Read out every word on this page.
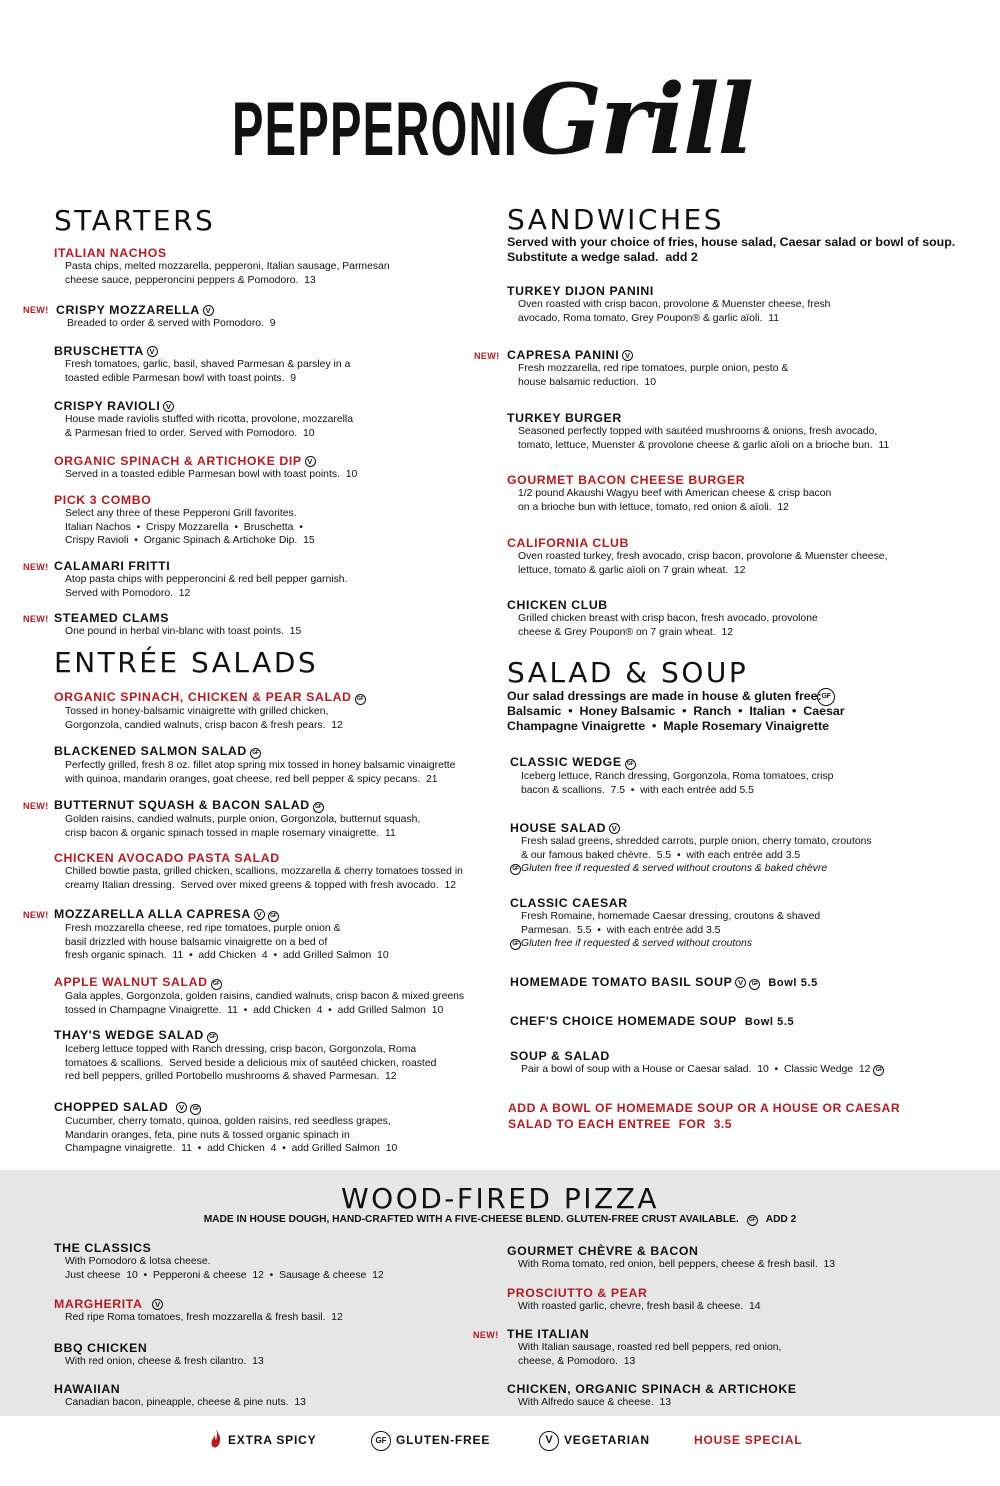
PEPPERONI Grill
STARTERS
ITALIAN NACHOS
Pasta chips, melted mozzarella, pepperoni, Italian sausage, Parmesan
cheese sauce, pepperoncini peppers & Pomodoro.  13
NEW! CRISPY MOZZARELLA V
Breaded to order & served with Pomodoro.  9
BRUSCHETTA V
Fresh tomatoes, garlic, basil, shaved Parmesan & parsley in a
toasted edible Parmesan bowl with toast points.  9
CRISPY RAVIOLI V
House made raviolis stuffed with ricotta, provolone, mozzarella
& Parmesan fried to order. Served with Pomodoro.  10
ORGANIC SPINACH & ARTICHOKE DIP V
Served in a toasted edible Parmesan bowl with toast points.  10
PICK 3 COMBO
Select any three of these Pepperoni Grill favorites.
Italian Nachos  •  Crispy Mozzarella  •  Bruschetta  •
Crispy Ravioli  •  Organic Spinach & Artichoke Dip.  15
NEW! CALAMARI FRITTI
Atop pasta chips with pepperoncini & red bell pepper garnish.
Served with Pomodoro.  12
NEW! STEAMED CLAMS
One pound in herbal vin-blanc with toast points.  15
ENTRÉE SALADS
ORGANIC SPINACH, CHICKEN & PEAR SALAD GF
Tossed in honey-balsamic vinaigrette with grilled chicken,
Gorgonzola, candied walnuts, crisp bacon & fresh pears.  12
BLACKENED SALMON SALAD GF
Perfectly grilled, fresh 8 oz. fillet atop spring mix tossed in honey balsamic vinaigrette
with quinoa, mandarin oranges, goat cheese, red bell pepper & spicy pecans.  21
NEW! BUTTERNUT SQUASH & BACON SALAD GF
Golden raisins, candied walnuts, purple onion, Gorgonzola, butternut squash,
crisp bacon & organic spinach tossed in maple rosemary vinaigrette.  11
CHICKEN AVOCADO PASTA SALAD
Chilled bowtie pasta, grilled chicken, scallions, mozzarella & cherry tomatoes tossed in
creamy Italian dressing.  Served over mixed greens & topped with fresh avocado.  12
NEW! MOZZARELLA ALLA CAPRESA V GF
Fresh mozzarella cheese, red ripe tomatoes, purple onion &
basil drizzled with house balsamic vinaigrette on a bed of
fresh organic spinach.  11  •  add Chicken  4  •  add Grilled Salmon  10
APPLE WALNUT SALAD GF
Gala apples, Gorgonzola, golden raisins, candied walnuts, crisp bacon & mixed greens
tossed in Champagne Vinaigrette.  11  •  add Chicken  4  •  add Grilled Salmon  10
THAY'S WEDGE SALAD GF
Iceberg lettuce topped with Ranch dressing, crisp bacon, Gorgonzola, Roma
tomatoes & scallions.  Served beside a delicious mix of sautéed chicken, roasted
red bell peppers, grilled Portobello mushrooms & shaved Parmesan.  12
CHOPPED SALAD V GF
Cucumber, cherry tomato, quinoa, golden raisins, red seedless grapes,
Mandarin oranges, feta, pine nuts & tossed organic spinach in
Champagne vinaigrette.  11  •  add Chicken  4  •  add Grilled Salmon  10
SANDWICHES
Served with your choice of fries, house salad, Caesar salad or bowl of soup.
Substitute a wedge salad.  add 2
TURKEY DIJON PANINI
Oven roasted with crisp bacon, provolone & Muenster cheese, fresh
avocado, Roma tomato, Grey Poupon® & garlic aïoli.  11
NEW! CAPRESA PANINI V
Fresh mozzarella, red ripe tomatoes, purple onion, pesto &
house balsamic reduction.  10
TURKEY BURGER
Seasoned perfectly topped with sautéed mushrooms & onions, fresh avocado,
tomato, lettuce, Muenster & provolone cheese & garlic aïoli on a brioche bun.  11
GOURMET BACON CHEESE BURGER
1/2 pound Akaushi Wagyu beef with American cheese & crisp bacon
on a brioche bun with lettuce, tomato, red onion & aïoli.  12
CALIFORNIA CLUB
Oven roasted turkey, fresh avocado, crisp bacon, provolone & Muenster cheese,
lettuce, tomato & garlic aïoli on 7 grain wheat.  12
CHICKEN CLUB
Grilled chicken breast with crisp bacon, fresh avocado, provolone
cheese & Grey Poupon® on 7 grain wheat.  12
SALAD & SOUP
Our salad dressings are made in house & gluten free:
Balsamic  •  Honey Balsamic  •  Ranch  •  Italian  •  Caesar
Champagne Vinaigrette  •  Maple Rosemary Vinaigrette
GF
CLASSIC WEDGE GF
Iceberg lettuce, Ranch dressing, Gorgonzola, Roma tomatoes, crisp
bacon & scallions.  7.5  •  with each entrée add 5.5
HOUSE SALAD V
Fresh salad greens, shredded carrots, purple onion, cherry tomato, croutons
& our famous baked chèvre.  5.5  •  with each entrée add 3.5
GF Gluten free if requested & served without croutons & baked chèvre
CLASSIC CAESAR
Fresh Romaine, homemade Caesar dressing, croutons & shaved
Parmesan.  5.5  •  with each entrée add 3.5
GF Gluten free if requested & served without croutons
HOMEMADE TOMATO BASIL SOUP V GF Bowl 5.5
CHEF'S CHOICE HOMEMADE SOUP Bowl 5.5
SOUP & SALAD
Pair a bowl of soup with a House or Caesar salad.  10  •  Classic Wedge  12 GF
ADD A BOWL OF HOMEMADE SOUP OR A HOUSE OR CAESAR
SALAD TO EACH ENTREE  FOR  3.5
WOOD-FIRED PIZZA
MADE IN HOUSE DOUGH, HAND-CRAFTED WITH A FIVE-CHEESE BLEND. GLUTEN-FREE CRUST AVAILABLE. GF ADD 2
THE CLASSICS
With Pomodoro & lotsa cheese.
Just cheese  10  •  Pepperoni & cheese  12  •  Sausage & cheese  12
MARGHERITA V
Red ripe Roma tomatoes, fresh mozzarella & fresh basil.  12
BBQ CHICKEN
With red onion, cheese & fresh cilantro.  13
HAWAIIAN
Canadian bacon, pineapple, cheese & pine nuts.  13
GOURMET CHÈVRE & BACON
With Roma tomato, red onion, bell peppers, cheese & fresh basil.  13
PROSCIUTTO & PEAR
With roasted garlic, chevre, fresh basil & cheese.  14
NEW! THE ITALIAN
With Italian sausage, roasted red bell peppers, red onion,
cheese, & Pomodoro.  13
CHICKEN, ORGANIC SPINACH & ARTICHOKE
With Alfredo sauce & cheese.  13
EXTRA SPICY	GF GLUTEN-FREE	V VEGETARIAN	HOUSE SPECIAL
